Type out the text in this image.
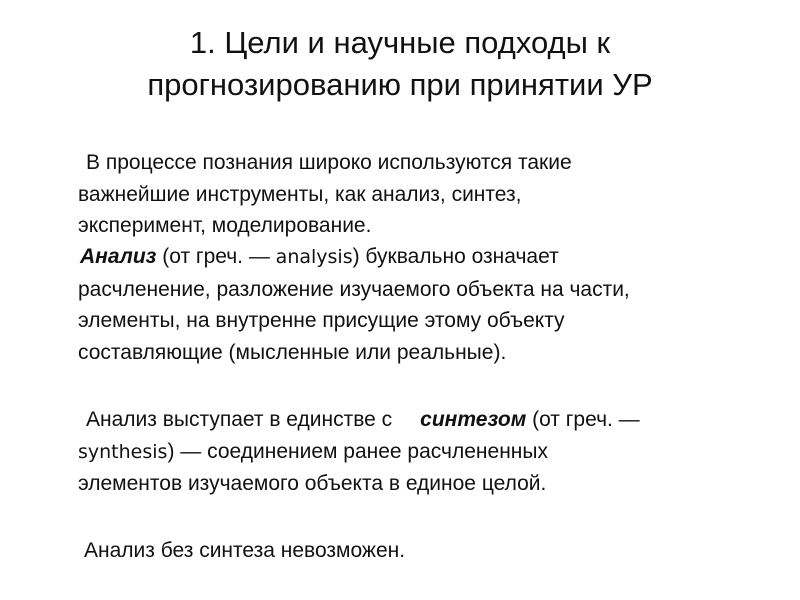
1. Цели и научные подходы к
прогнозированию при принятии УР
В процессе познания широко используются такие
важнейшие инструменты, как анализ, синтез,
эксперимент, моделирование.
Анализ (от греч. — analysis) буквально означает
расчленение, разложение изучаемого объекта на части,
элементы, на внутренне присущие этому объекту
составляющие (мысленные или реальные).
Анализ выступает в единстве с синтезом (от греч. —
synthesis) — соединением ранее расчлененных
элементов изучаемого объекта в единое целой.
Анализ без синтеза невозможен.
